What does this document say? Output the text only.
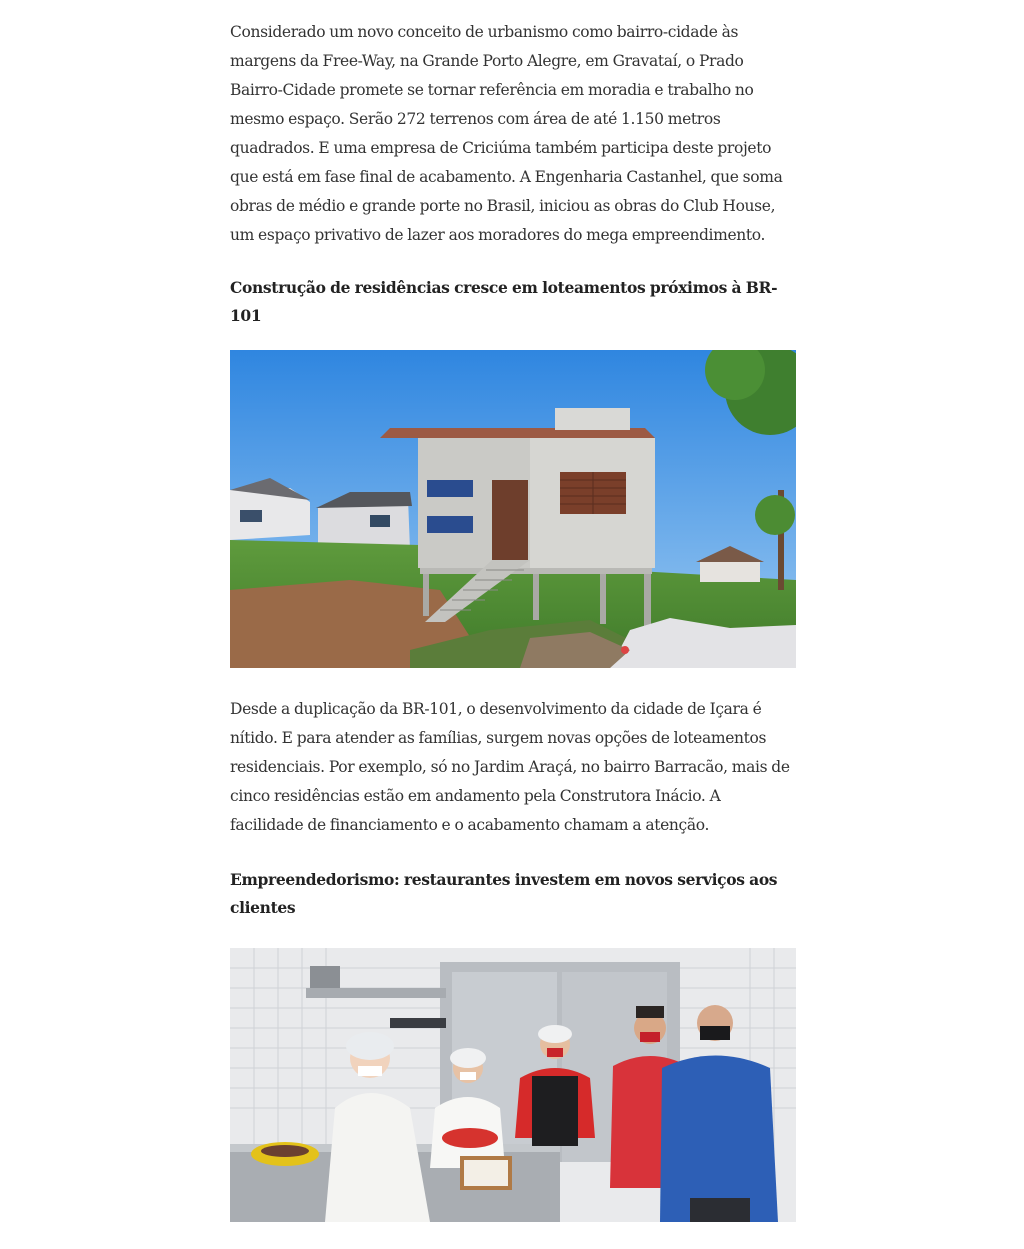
Considerado um novo conceito de urbanismo como bairro-cidade às margens da Free-Way, na Grande Porto Alegre, em Gravataí, o Prado Bairro-Cidade promete se tornar referência em moradia e trabalho no mesmo espaço. Serão 272 terrenos com área de até 1.150 metros quadrados. E uma empresa de Criciúma também participa deste projeto que está em fase final de acabamento. A Engenharia Castanhel, que soma obras de médio e grande porte no Brasil, iniciou as obras do Club House, um espaço privativo de lazer aos moradores do mega empreendimento.

Construção de residências cresce em loteamentos próximos à BR-101

Desde a duplicação da BR-101, o desenvolvimento da cidade de Içara é nítido. E para atender as famílias, surgem novas opções de loteamentos residenciais. Por exemplo, só no Jardim Araçá, no bairro Barracão, mais de cinco residências estão em andamento pela Construtora Inácio. A facilidade de financiamento e o acabamento chamam a atenção.

Empreendedorismo: restaurantes investem em novos serviços aos clientes
